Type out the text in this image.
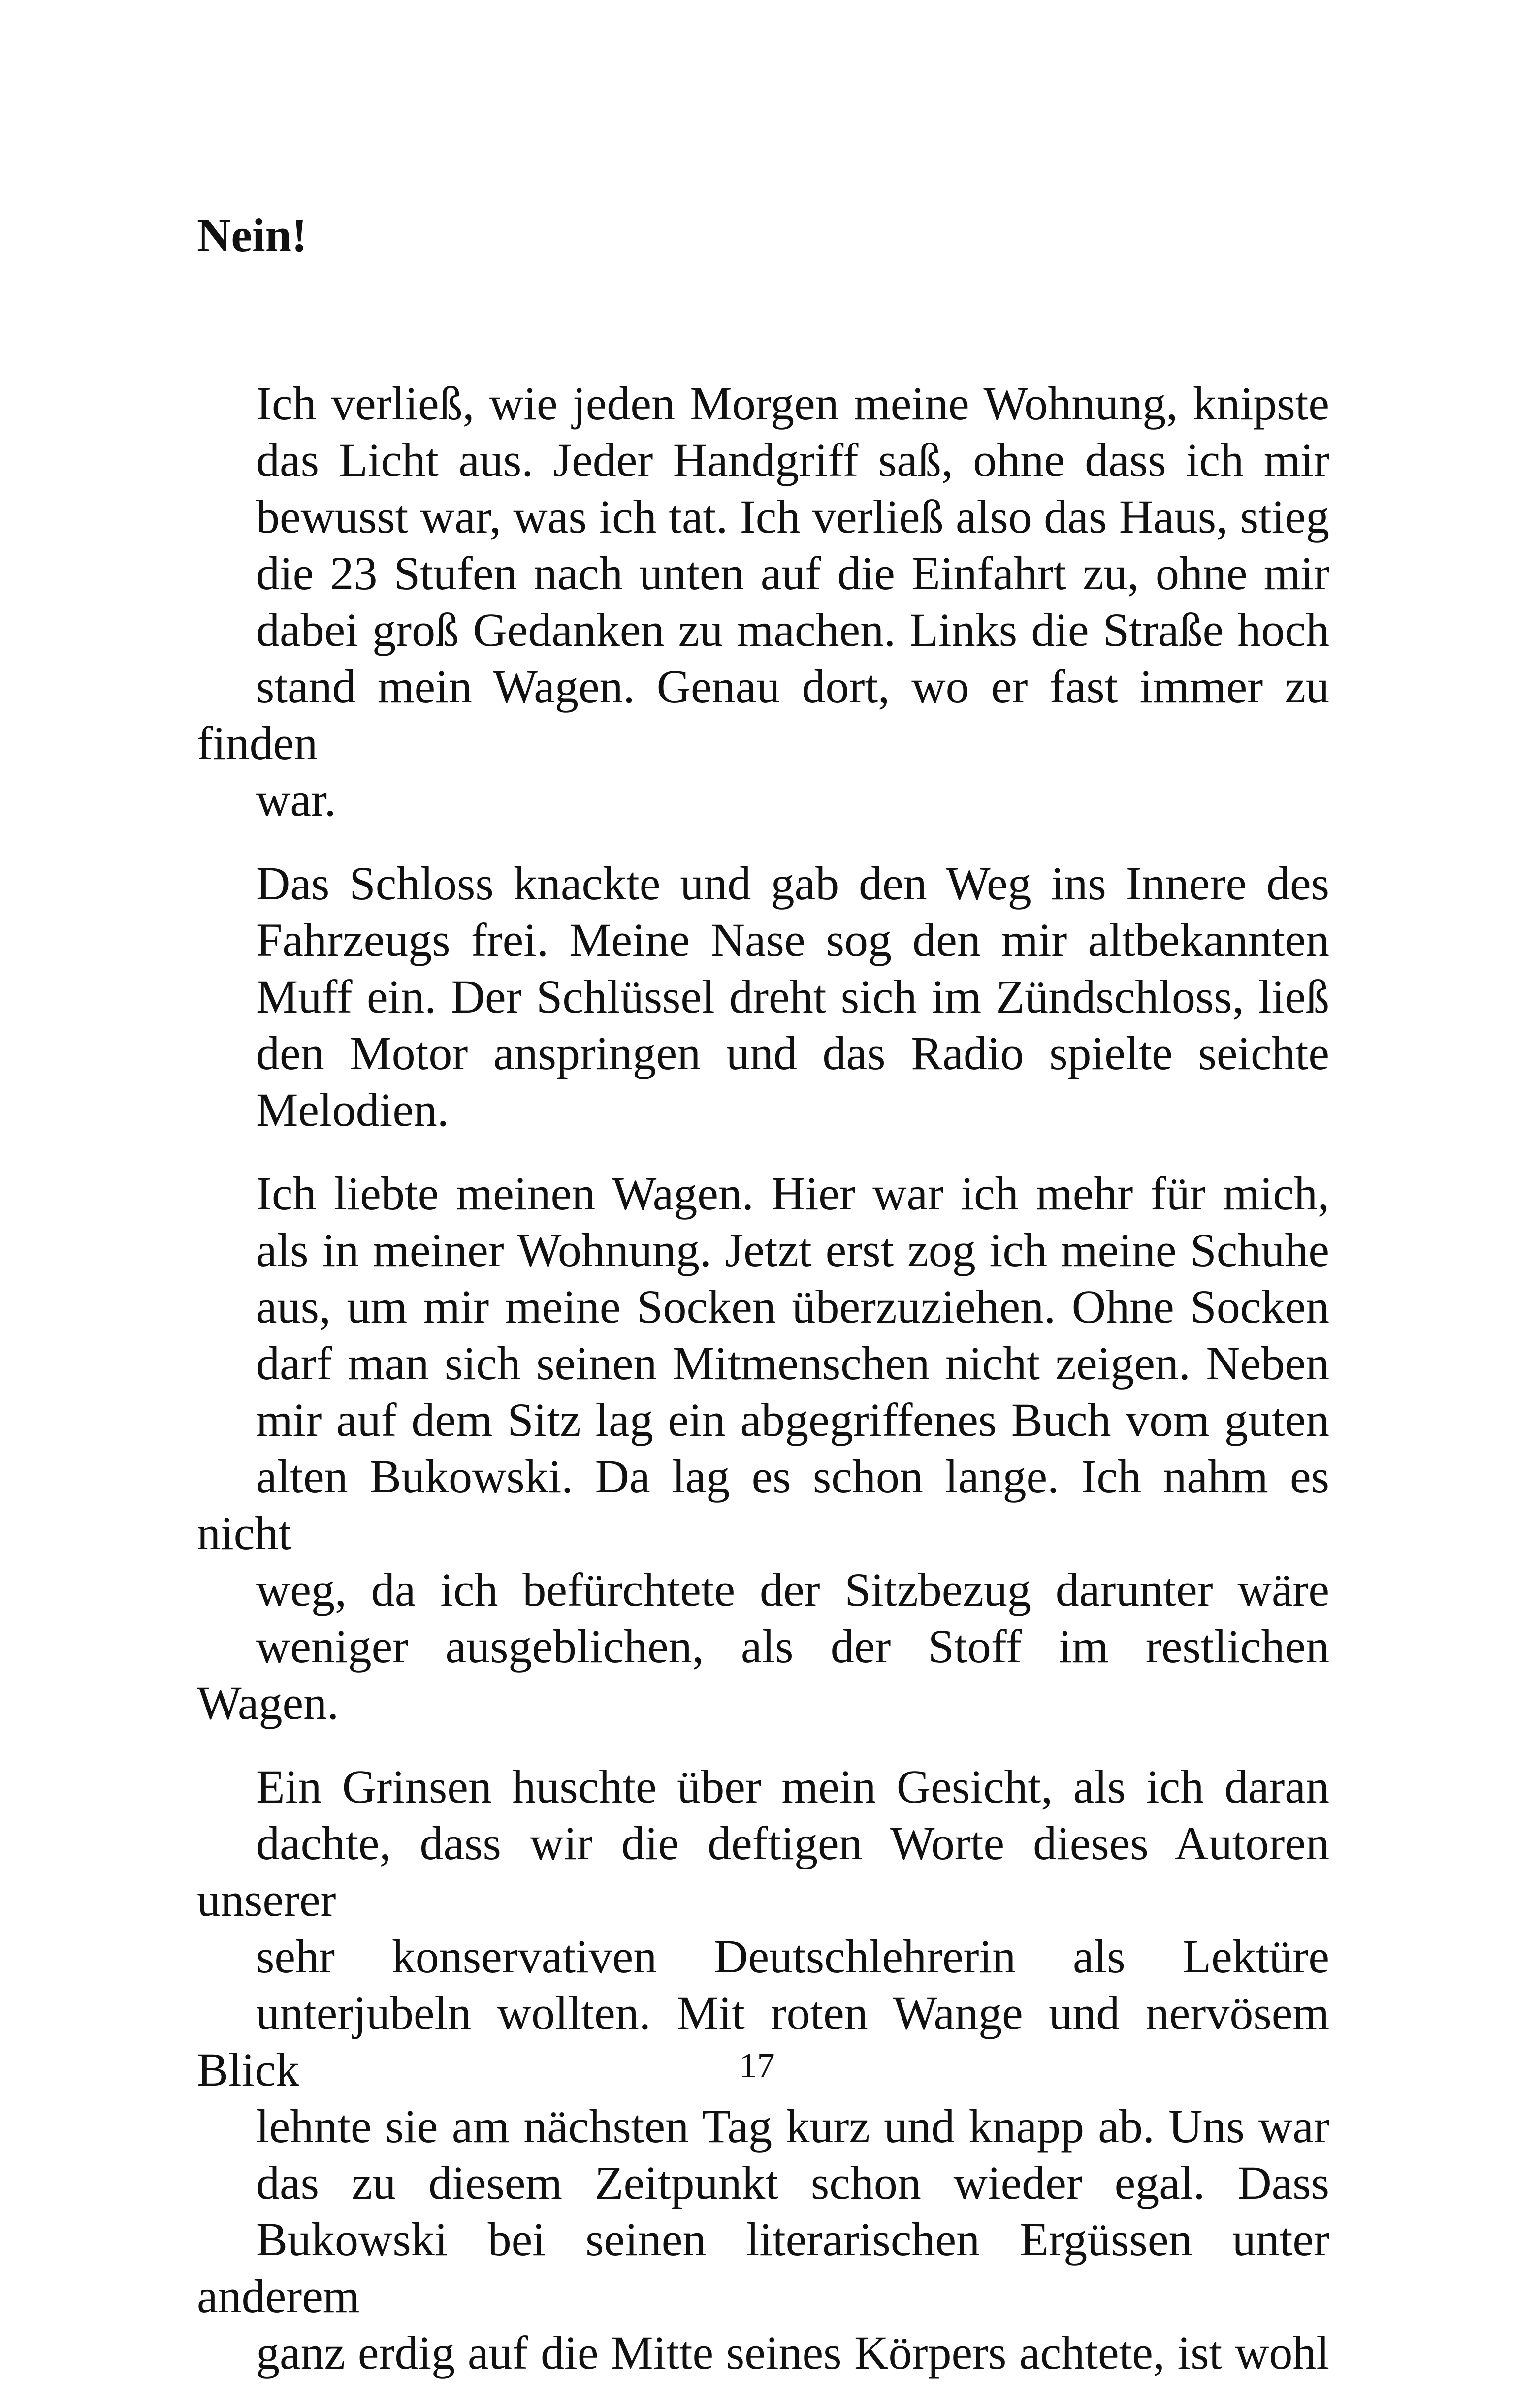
Nein!

Ich verließ, wie jeden Morgen meine Wohnung, knipste
das Licht aus. Jeder Handgriff saß, ohne dass ich mir
bewusst war, was ich tat. Ich verließ also das Haus, stieg
die 23 Stufen nach unten auf die Einfahrt zu, ohne mir
dabei groß Gedanken zu machen. Links die Straße hoch
stand mein Wagen. Genau dort, wo er fast immer zu finden
war.

Das Schloss knackte und gab den Weg ins Innere des
Fahrzeugs frei. Meine Nase sog den mir altbekannten
Muff ein. Der Schlüssel dreht sich im Zündschloss, ließ
den Motor anspringen und das Radio spielte seichte
Melodien.

Ich liebte meinen Wagen. Hier war ich mehr für mich,
als in meiner Wohnung. Jetzt erst zog ich meine Schuhe
aus, um mir meine Socken überzuziehen. Ohne Socken
darf man sich seinen Mitmenschen nicht zeigen. Neben
mir auf dem Sitz lag ein abgegriffenes Buch vom guten
alten Bukowski. Da lag es schon lange. Ich nahm es nicht
weg, da ich befürchtete der Sitzbezug darunter wäre
weniger ausgeblichen, als der Stoff im restlichen Wagen.

Ein Grinsen huschte über mein Gesicht, als ich daran
dachte, dass wir die deftigen Worte dieses Autoren unserer
sehr konservativen Deutschlehrerin als Lektüre
unterjubeln wollten. Mit roten Wange und nervösem Blick
lehnte sie am nächsten Tag kurz und knapp ab. Uns war
das zu diesem Zeitpunkt schon wieder egal. Dass
Bukowski bei seinen literarischen Ergüssen unter anderem
ganz erdig auf die Mitte seines Körpers achtete, ist wohl

17
